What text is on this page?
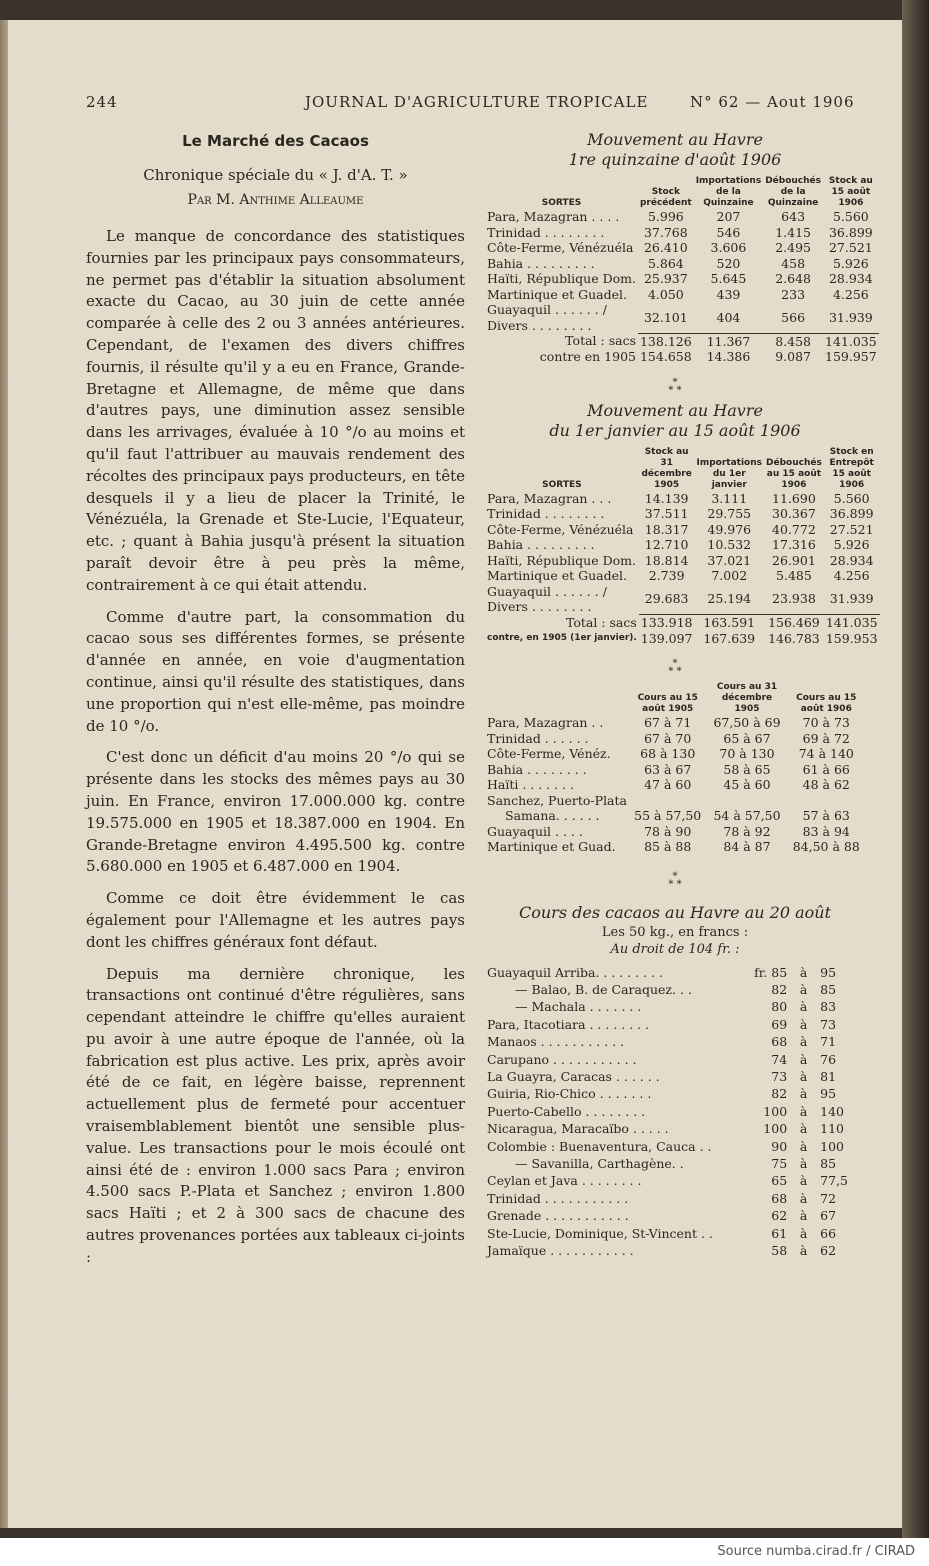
244	JOURNAL D'AGRICULTURE TROPICALE	N° 62 — Aout 1906
Le Marché des Cacaos
Chronique spéciale du « J. d'A. T. »
Par M. Anthime Alleaume

Le manque de concordance des statistiques fournies par les principaux pays consommateurs, ne permet pas d'établir la situation absolument exacte du Cacao, au 30 juin de cette année comparée à celle des 2 ou 3 années antérieures. Cependant, de l'examen des divers chiffres fournis, il résulte qu'il y a eu en France, Grande-Bretagne et Allemagne, de même que dans d'autres pays, une diminution assez sensible dans les arrivages, évaluée à 10 °/o au moins et qu'il faut l'attribuer au mauvais rendement des récoltes des principaux pays producteurs, en tête desquels il y a lieu de placer la Trinité, le Vénézuéla, la Grenade et Ste-Lucie, l'Equateur, etc. ; quant à Bahia jusqu'à présent la situation paraît devoir être à peu près la même, contrairement à ce qui était attendu.

Comme d'autre part, la consommation du cacao sous ses différentes formes, se présente d'année en année, en voie d'augmentation continue, ainsi qu'il résulte des statistiques, dans une proportion qui n'est elle-même, pas moindre de 10 °/o.

C'est donc un déficit d'au moins 20 °/o qui se présente dans les stocks des mêmes pays au 30 juin. En France, environ 17.000.000 kg. contre 19.575.000 en 1905 et 18.387.000 en 1904. En Grande-Bretagne environ 4.495.500 kg. contre 5.680.000 en 1905 et 6.487.000 en 1904.

Comme ce doit être évidemment le cas également pour l'Allemagne et les autres pays dont les chiffres généraux font défaut.

Depuis ma dernière chronique, les transactions ont continué d'être régulières, sans cependant atteindre le chiffre qu'elles auraient pu avoir à une autre époque de l'année, où la fabrication est plus active. Les prix, après avoir été de ce fait, en légère baisse, reprennent actuellement plus de fermeté pour accentuer vraisemblablement bientôt une sensible plus-value. Les transactions pour le mois écoulé ont ainsi été de : environ 1.000 sacs Para ; environ 4.500 sacs P.-Plata et Sanchez ; environ 1.800 sacs Haïti ; et 2 à 300 sacs de chacune des autres provenances portées aux tableaux ci-joints :

Mouvement au Havre
1re quinzaine d'août 1906
SORTES	Stock précédent	Importations de la Quinzaine	Débouchés de la Quinzaine	Stock au 15 août 1906
Para, Mazagran . . . .	5.996	207	643	5.560
Trinidad . . . . . . . .	37.768	546	1.415	36.899
Côte-Ferme, Vénézuéla	26.410	3.606	2.495	27.521
Bahia . . . . . . . . .	5.864	520	458	5.926
Haïti, République Dom.	25.937	5.645	2.648	28.934
Martinique et Guadel.	4.050	439	233	4.256
Guayaquil . . . . . . / Divers . . . . . . . .	32.101	404	566	31.939
Total : sacs	138.126	11.367	8.458	141.035
contre en 1905	154.658	14.386	9.087	159.957
*
* *
Mouvement au Havre
du 1er janvier au 15 août 1906
SORTES	Stock au 31 décembre 1905	Importations du 1er janvier	Débouchés au 15 août 1906	Stock en Entrepôt 15 août 1906
Para, Mazagran . . .	14.139	3.111	11.690	5.560
Trinidad . . . . . . . .	37.511	29.755	30.367	36.899
Côte-Ferme, Vénézuéla	18.317	49.976	40.772	27.521
Bahia . . . . . . . . .	12.710	10.532	17.316	5.926
Haïti, République Dom.	18.814	37.021	26.901	28.934
Martinique et Guadel.	2.739	7.002	5.485	4.256
Guayaquil . . . . . . / Divers . . . . . . . .	29.683	25.194	23.938	31.939
Total : sacs	133.918	163.591	156.469	141.035
contre, en 1905 (1er janvier).	139.097	167.639	146.783	159.953
*
* *
	Cours au 15 août 1905	Cours au 31 décembre 1905	Cours au 15 août 1906
Para, Mazagran . .	67 à 71	67,50 à 69	70 à 73
Trinidad . . . . . .	67 à 70	65 à 67	69 à 72
Côte-Ferme, Vénéz.	68 à 130	70 à 130	74 à 140
Bahia . . . . . . . .	63 à 67	58 à 65	61 à 66
Haïti . . . . . . .	47 à 60	45 à 60	48 à 62
Sanchez, Puerto-Plata			
Samana. . . . . .	55 à 57,50	54 à 57,50	57 à 63
Guayaquil . . . .	78 à 90	78 à 92	83 à 94
Martinique et Guad.	85 à 88	84 à 87	84,50 à 88
*
* *
Cours des cacaos au Havre au 20 août
Les 50 kg., en francs :
Au droit de 104 fr. :
Guayaquil Arriba. . . . . . . . .	fr. 85	à	95
— Balao, B. de Caraquez. . .	82	à	85
— Machala . . . . . . .	80	à	83
Para, Itacotiara . . . . . . . .	69	à	73
Manaos . . . . . . . . . . .	68	à	71
Carupano . . . . . . . . . . .	74	à	76
La Guayra, Caracas . . . . . .	73	à	81
Guiria, Rio-Chico . . . . . . .	82	à	95
Puerto-Cabello . . . . . . . .	100	à	140
Nicaragua, Maracaïbo . . . . .	100	à	110
Colombie : Buenaventura, Cauca . .	90	à	100
— Savanilla, Carthagène. .	75	à	85
Ceylan et Java . . . . . . . .	65	à	77,5
Trinidad . . . . . . . . . . .	68	à	72
Grenade . . . . . . . . . . .	62	à	67
Ste-Lucie, Dominique, St-Vincent . .	61	à	66
Jamaïque . . . . . . . . . . .	58	à	62
Source numba.cirad.fr / CIRAD
